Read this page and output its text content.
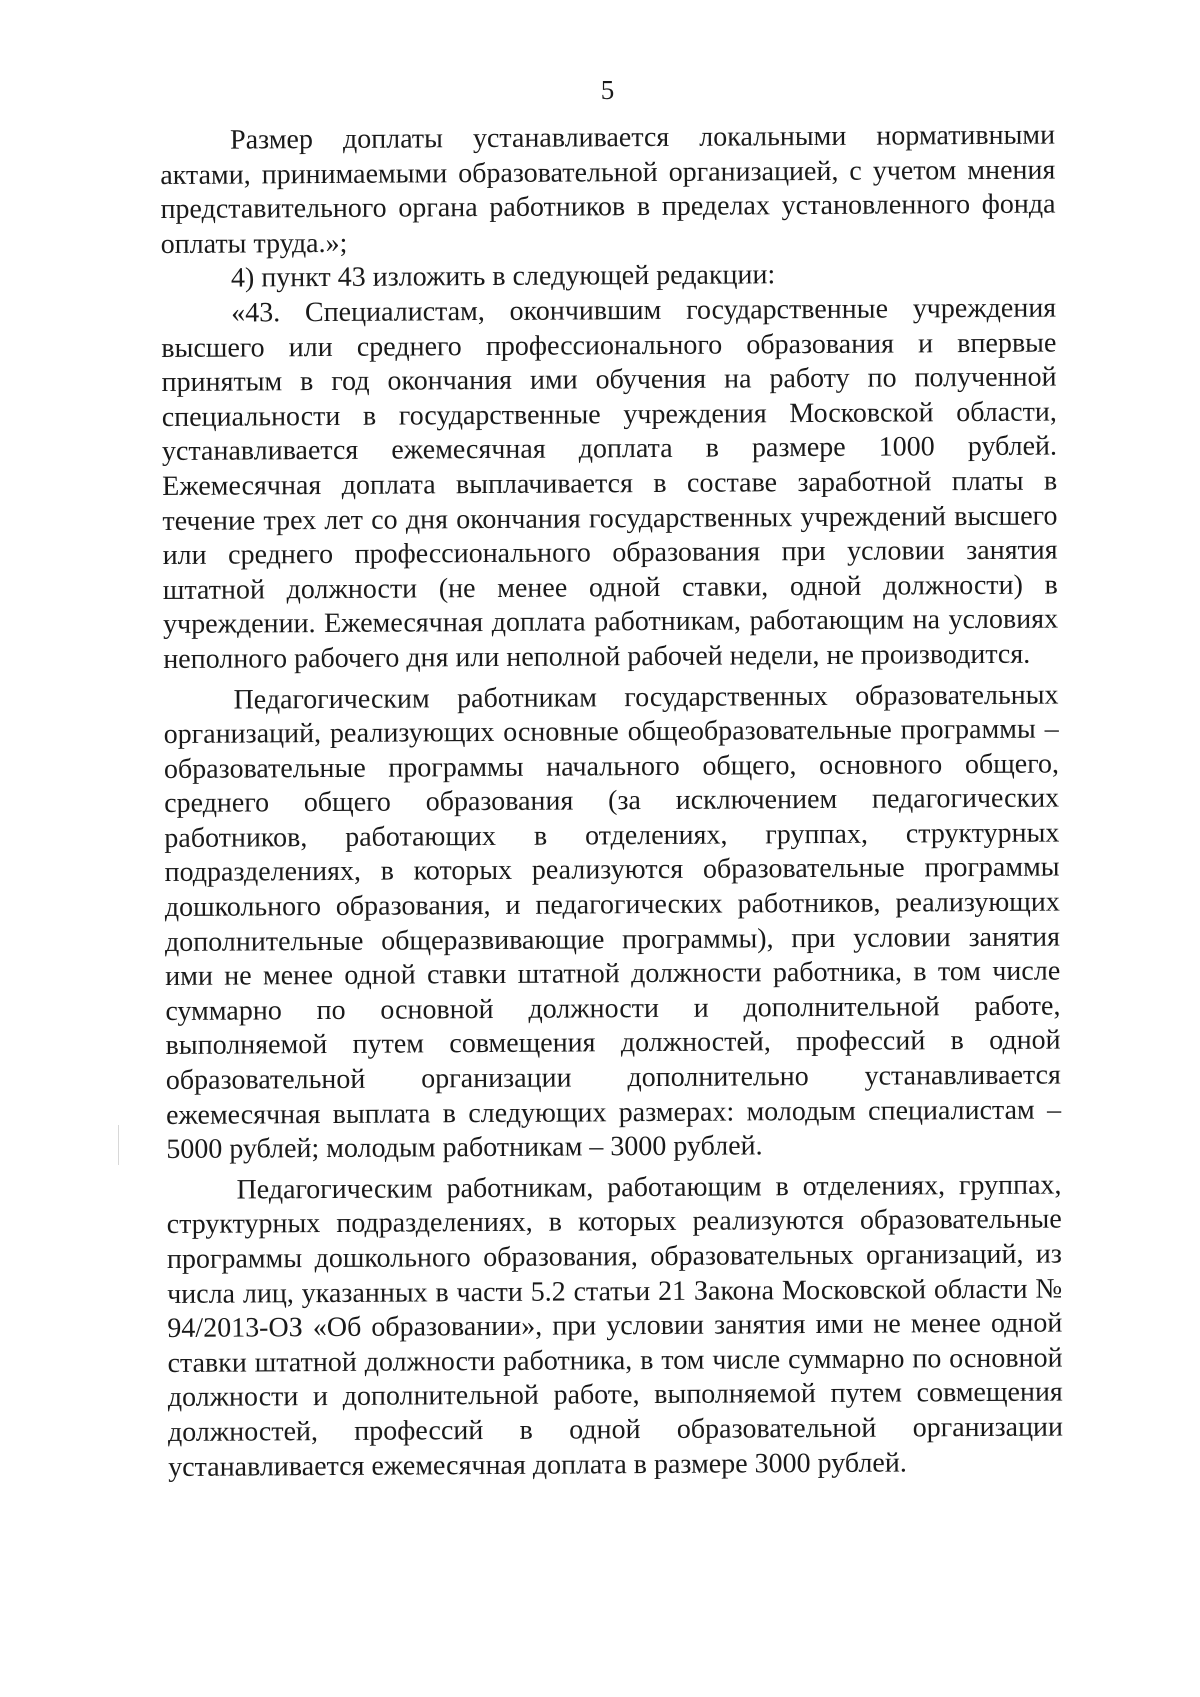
5

Размер доплаты устанавливается локальными нормативными актами, принимаемыми образовательной организацией, с учетом мнения представительного органа работников в пределах установленного фонда оплаты труда.»;

4) пункт 43 изложить в следующей редакции:

«43. Специалистам, окончившим государственные учреждения высшего или среднего профессионального образования и впервые принятым в год окончания ими обучения на работу по полученной специальности в государственные учреждения Московской области, устанавливается ежемесячная доплата в размере 1000 рублей. Ежемесячная доплата выплачивается в составе заработной платы в течение трех лет со дня окончания государственных учреждений высшего или среднего профессионального образования при условии занятия штатной должности (не менее одной ставки, одной должности) в учреждении. Ежемесячная доплата работникам, работающим на условиях неполного рабочего дня или неполной рабочей недели, не производится.

Педагогическим работникам государственных образовательных организаций, реализующих основные общеобразовательные программы – образовательные программы начального общего, основного общего, среднего общего образования (за исключением педагогических работников, работающих в отделениях, группах, структурных подразделениях, в которых реализуются образовательные программы дошкольного образования, и педагогических работников, реализующих дополнительные общеразвивающие программы), при условии занятия ими не менее одной ставки штатной должности работника, в том числе суммарно по основной должности и дополнительной работе, выполняемой путем совмещения должностей, профессий в одной образовательной организации дополнительно устанавливается ежемесячная выплата в следующих размерах: молодым специалистам – 5000 рублей; молодым работникам – 3000 рублей.

Педагогическим работникам, работающим в отделениях, группах, структурных подразделениях, в которых реализуются образовательные программы дошкольного образования, образовательных организаций, из числа лиц, указанных в части 5.2 статьи 21 Закона Московской области № 94/2013-ОЗ «Об образовании», при условии занятия ими не менее одной ставки штатной должности работника, в том числе суммарно по основной должности и дополнительной работе, выполняемой путем совмещения должностей, профессий в одной образовательной организации устанавливается ежемесячная доплата в размере 3000 рублей.
